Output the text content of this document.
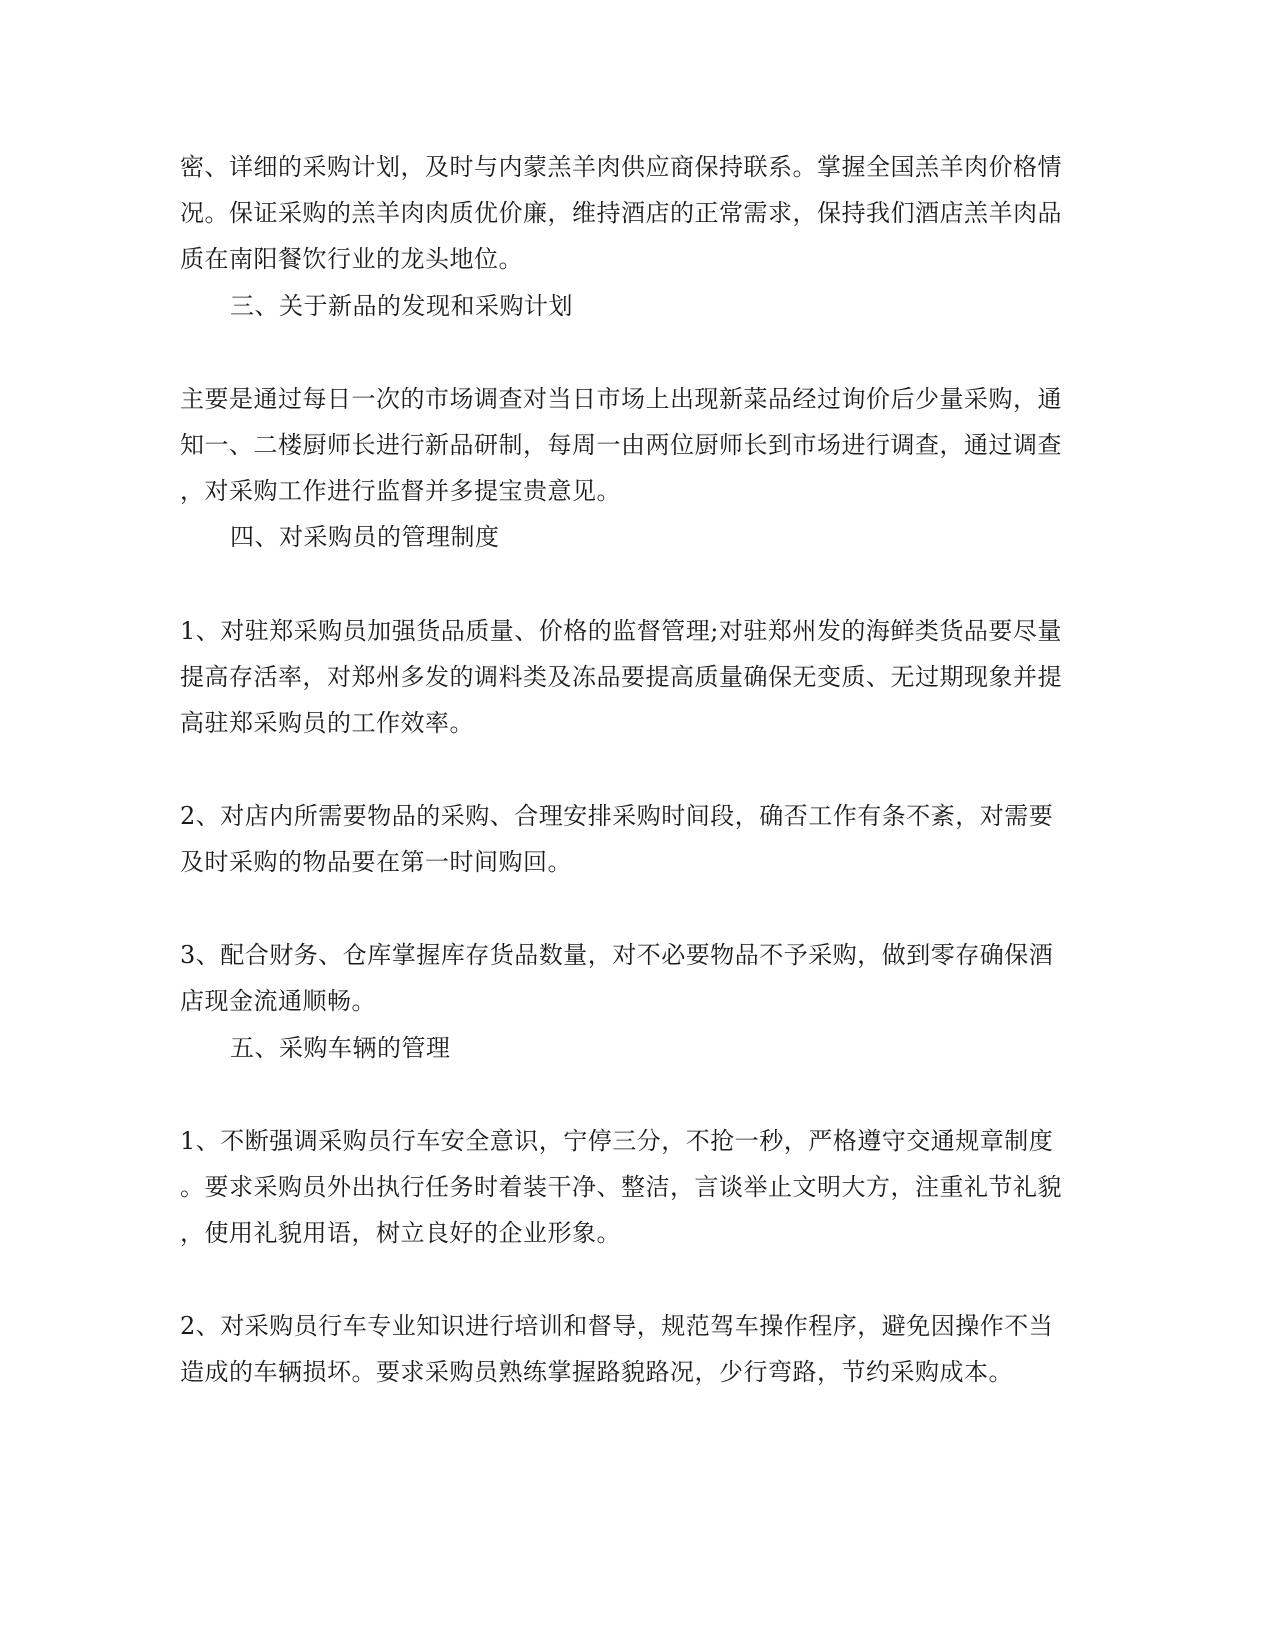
密、详细的采购计划，及时与内蒙羔羊肉供应商保持联系。掌握全国羔羊肉价格情
况。保证采购的羔羊肉肉质优价廉，维持酒店的正常需求，保持我们酒店羔羊肉品
质在南阳餐饮行业的龙头地位。
三、关于新品的发现和采购计划
主要是通过每日一次的市场调查对当日市场上出现新菜品经过询价后少量采购，通
知一、二楼厨师长进行新品研制，每周一由两位厨师长到市场进行调查，通过调查
，对采购工作进行监督并多提宝贵意见。
四、对采购员的管理制度
1、对驻郑采购员加强货品质量、价格的监督管理;对驻郑州发的海鲜类货品要尽量
提高存活率，对郑州多发的调料类及冻品要提高质量确保无变质、无过期现象并提
高驻郑采购员的工作效率。
2、对店内所需要物品的采购、合理安排采购时间段，确否工作有条不紊，对需要
及时采购的物品要在第一时间购回。
3、配合财务、仓库掌握库存货品数量，对不必要物品不予采购，做到零存确保酒
店现金流通顺畅。
五、采购车辆的管理
1、不断强调采购员行车安全意识，宁停三分，不抢一秒，严格遵守交通规章制度
。要求采购员外出执行任务时着装干净、整洁，言谈举止文明大方，注重礼节礼貌
，使用礼貌用语，树立良好的企业形象。
2、对采购员行车专业知识进行培训和督导，规范驾车操作程序，避免因操作不当
造成的车辆损坏。要求采购员熟练掌握路貌路况，少行弯路，节约采购成本。
